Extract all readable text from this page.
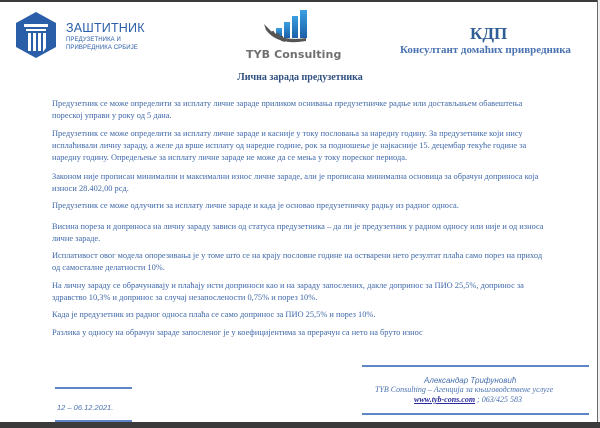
ЗАШТИТНИК
ПРЕДУЗЕТНИКА И
ПРИВРЕДНИКА СРБИЈЕ	TYB Consulting
КДП
Консултант домаћих привредника
Лична зарада предузетника
Предузетник се може определити за исплату личне зараде приликом оснивања предузетничке радње или достављањем обавештења пореској управи у року од 5 дана.
Предузетник се може определити за исплату личне зараде и касније у току пословања за наредну годину. За предузетнике који нису исплаћивали личну зараду, а желе да врше исплату од наредне године, рок за подношење је најкасније 15. децембар текуће године за наредну годину. Опредељење за исплату личне зараде не може да се мења у току пореског периода.
Законом није прописан минимални и максимални износ личне зараде, али је прописана минимална основица за обрачун доприноса која износи 28.402,00 рсд.
Предузетник се може одлучити за исплату личне зараде и када је основао предузетничку радњу из радног односа.
Висина пореза и доприноса на личну зараду зависи од статуса предузетника – да ли је предузетник у радном односу или није и од износа личне зараде.
Исплативост овог модела опорезивања је у томе што се на крају пословне године на остварени нето резултат плаћа само порез на приход од самосталне делатности 10%.
На личну зараду се обрачунавају и плаћају исти доприноси као и на зараду запослених, дакле допринос за ПИО 25,5%, допринос за здравство 10,3% и допринос за случај незапослености 0,75% и порез 10%.
Када је предузетник из радног односа плаћа се само допринос за ПИО 25,5% и порез 10%.
Разлика у односу на обрачун зараде запосленог је у коефицијентима за прерачун са нето на бруто износ
Александар Трифуновић
TYB Consulting – Агенција за књиговодствене услуге
www.tyb-cons.com ; 063/425 583
12 – 06.12.2021.
